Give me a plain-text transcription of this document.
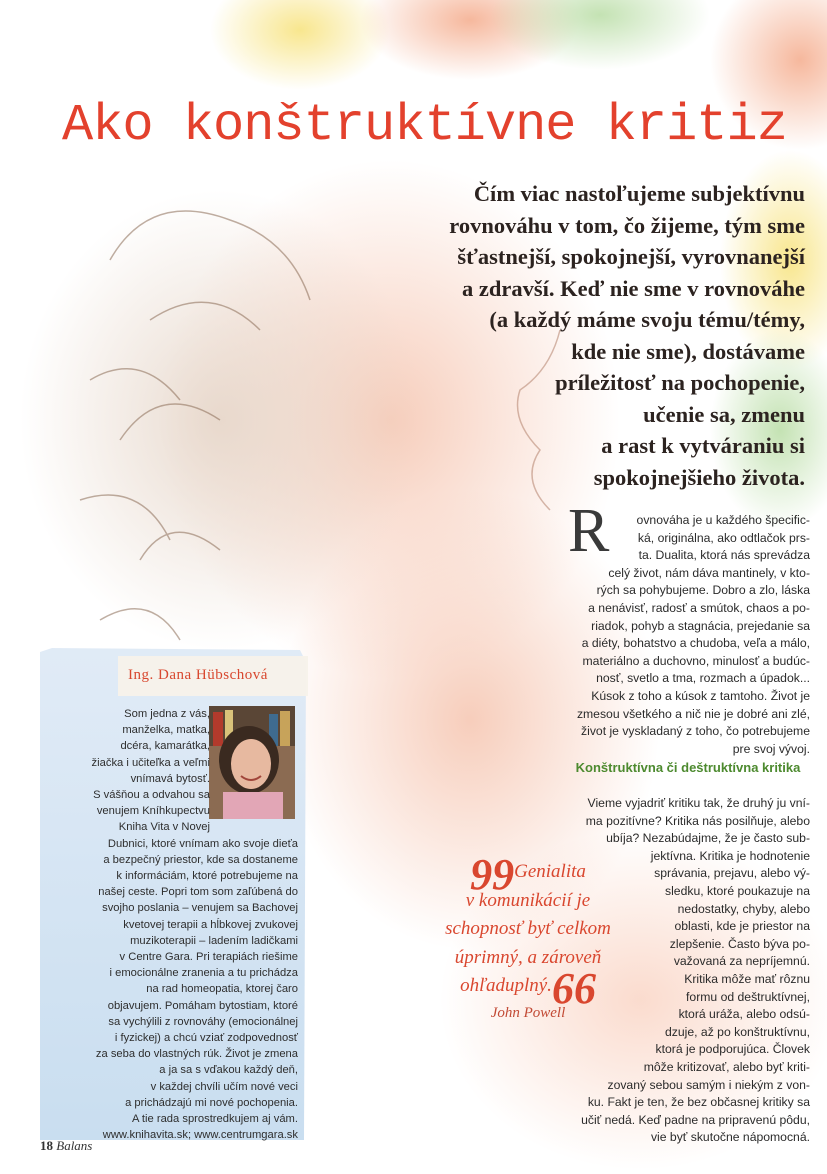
Ako konštruktívne kritiz
Čím viac nastoľujeme subjektívnu
rovnováhu v tom, čo žijeme, tým sme
šťastnejší, spokojnejší, vyrovnanejší
a zdravší. Keď nie sme v rovnováhe
(a každý máme svoju tému/témy,
kde nie sme), dostávame
príležitosť na pochopenie,
učenie sa, zmenu
a rast k vytváraniu si
spokojnejšieho života.
R	ovnováha je u každého špecific-
ká, originálna, ako odtlačok prs-
ta. Dualita, ktorá nás sprevádza
celý život, nám dáva mantinely, v kto-
rých sa pohybujeme. Dobro a zlo, láska
a nenávisť, radosť a smútok, chaos a po-
riadok, pohyb a stagnácia, prejedanie sa
a diéty, bohatstvo a chudoba, veľa a málo,
materiálno a duchovno, minulosť a budúc-
nosť, svetlo a tma, rozmach a úpadok...
Kúsok z toho a kúsok z tamtoho. Život je
zmesou všetkého a nič nie je dobré ani zlé,
život je vyskladaný z toho, čo potrebujeme
pre svoj vývoj.
Konštruktívna či deštruktívna kritika
Vieme vyjadriť kritiku tak, že druhý ju vní-
ma pozitívne? Kritika nás posilňuje, alebo
ubíja? Nezabúdajme, že je často sub-
jektívna. Kritika je hodnotenie
správania, prejavu, alebo vý-
sledku, ktoré poukazuje na
nedostatky, chyby, alebo
oblasti, kde je priestor na
zlepšenie. Často býva po-
važovaná za nepríjemnú.
Kritika môže mať rôznu
formu od deštruktívnej,
ktorá uráža, alebo odsú-
dzuje, až po konštruktívnu,
ktorá je podporujúca. Človek
môže kritizovať, alebo byť kriti-
zovaný sebou samým i niekým z von-
ku. Fakt je ten, že bez občasnej kritiky sa
učiť nedá. Keď padne na pripravenú pôdu,
vie byť skutočne nápomocná.
99Genialita
v komunikácií je
schopnosť byť celkom
úprimný, a zároveň
ohľaduplný.66
John Powell
Ing. Dana Hübschová
Som jedna z vás,
manželka, matka,
dcéra, kamarátka,
žiačka i učiteľka a veľmi
vnímavá bytosť.
S vášňou a odvahou sa
venujem Kníhkupectvu
Kniha Vita v Novej
Dubnici, ktoré vnímam ako svoje dieťa
a bezpečný priestor, kde sa dostaneme
k informáciám, ktoré potrebujeme na
našej ceste. Popri tom som zaľúbená do
svojho poslania – venujem sa Bachovej
kvetovej terapii a hĺbkovej zvukovej
muzikoterapii – ladením ladičkami
v Centre Gara. Pri terapiách riešime
i emocionálne zranenia a tu prichádza
na rad homeopatia, ktorej čaro
objavujem. Pomáham bytostiam, ktoré
sa vychýlili z rovnováhy (emocionálnej
i fyzickej) a chcú vziať zodpovednosť
za seba do vlastných rúk. Život je zmena
a ja sa s vďakou každý deň,
v každej chvíli učím nové veci
a prichádzajú mi nové pochopenia.
A tie rada sprostredkujem aj vám.
www.knihavita.sk; www.centrumgara.sk
18 Balans
